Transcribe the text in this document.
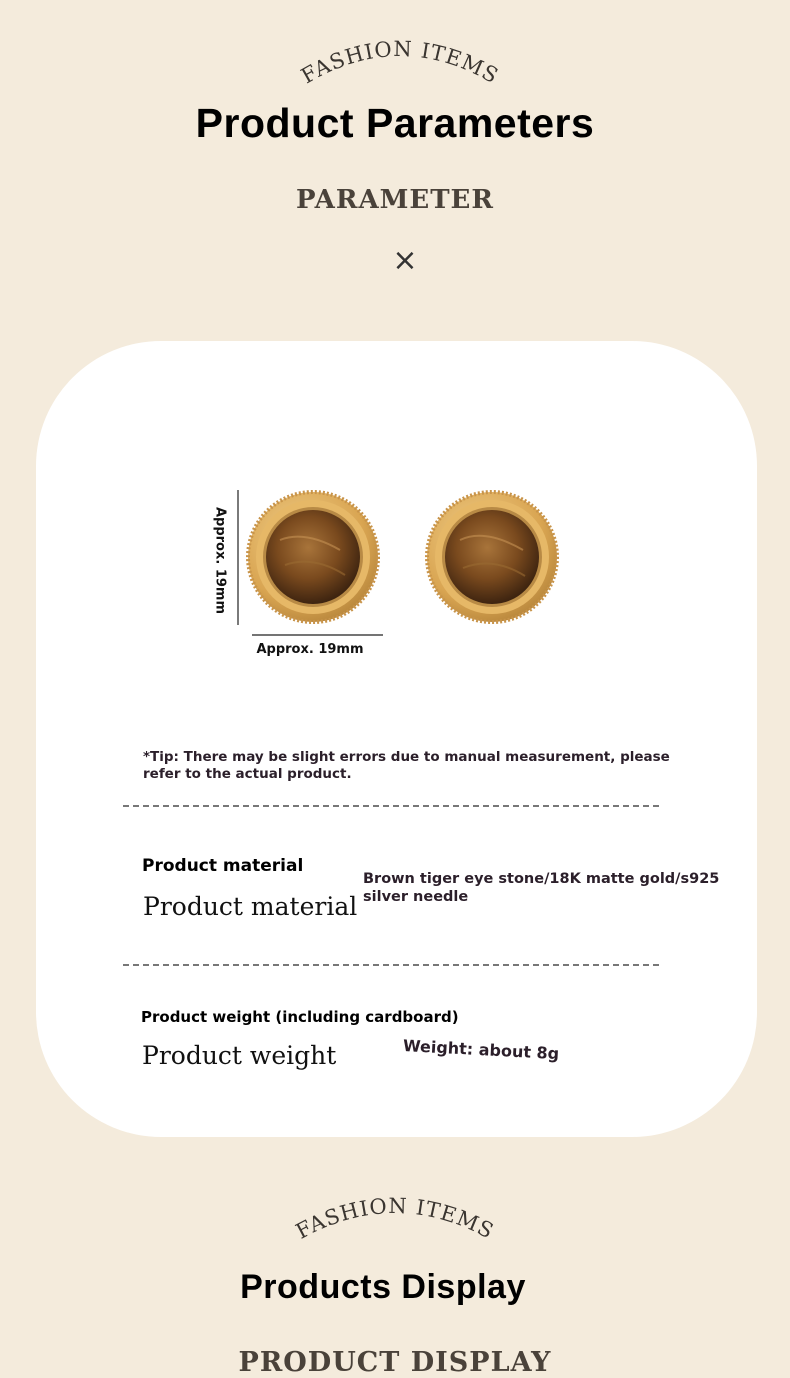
FASHION ITEMS
Product Parameters
PARAMETER
×
Approx. 19mm
Approx. 19mm
*Tip: There may be slight errors due to manual measurement, please refer to the actual product.
Product material
Product material
Brown tiger eye stone/18K matte gold/s925 silver needle
Product weight (including cardboard)
Product weight	Weight: about 8g
FASHION ITEMS
Products Display
PRODUCT DISPLAY
